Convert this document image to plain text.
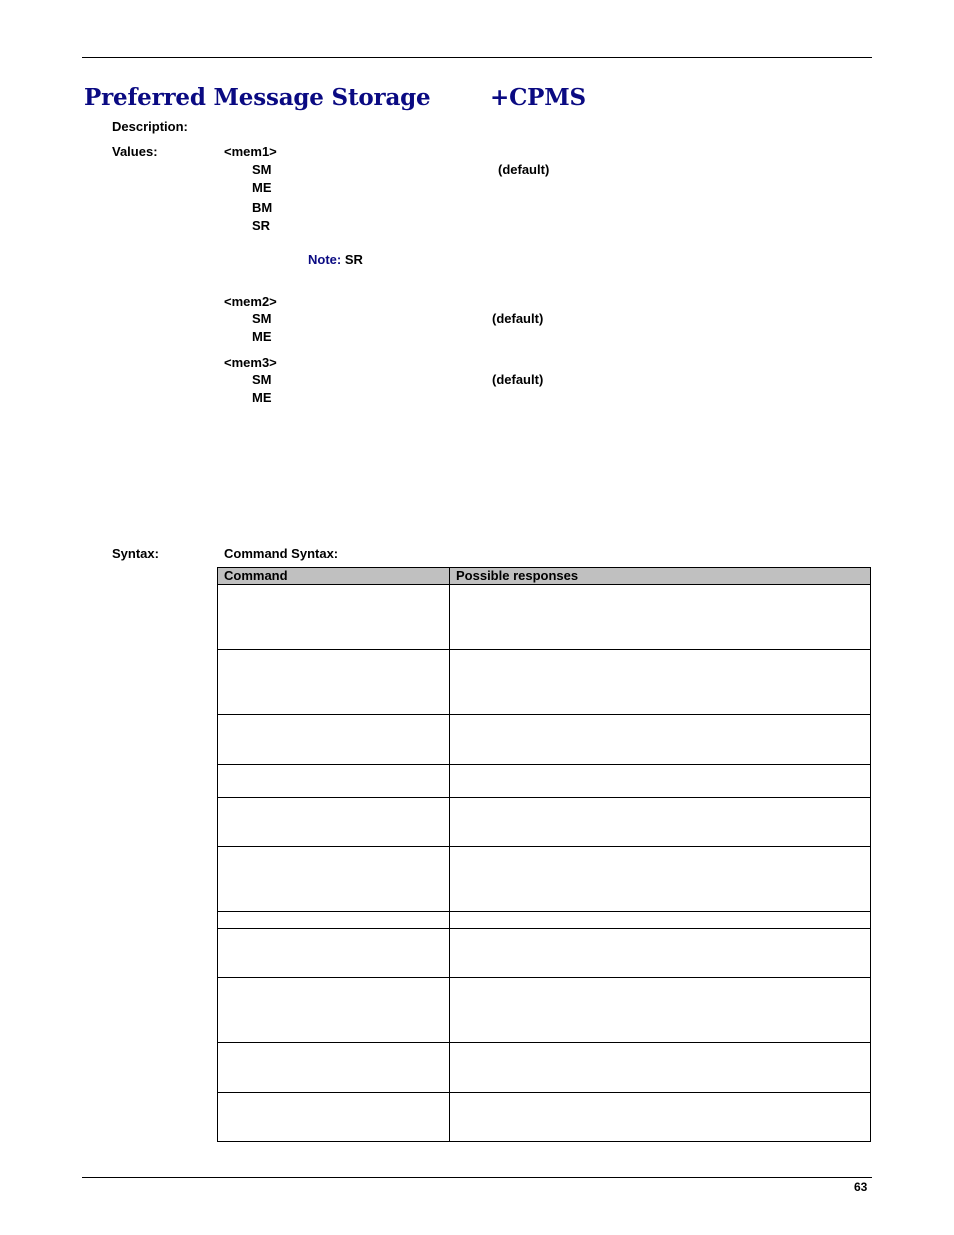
Preferred Message Storage	+CPMS
Description:
Values:	<mem1>
SM	(default)
ME
BM
SR
Note: SR
<mem2>
SM	(default)
ME
<mem3>
SM	(default)
ME
Syntax:	Command Syntax:
Command	Possible responses

63
